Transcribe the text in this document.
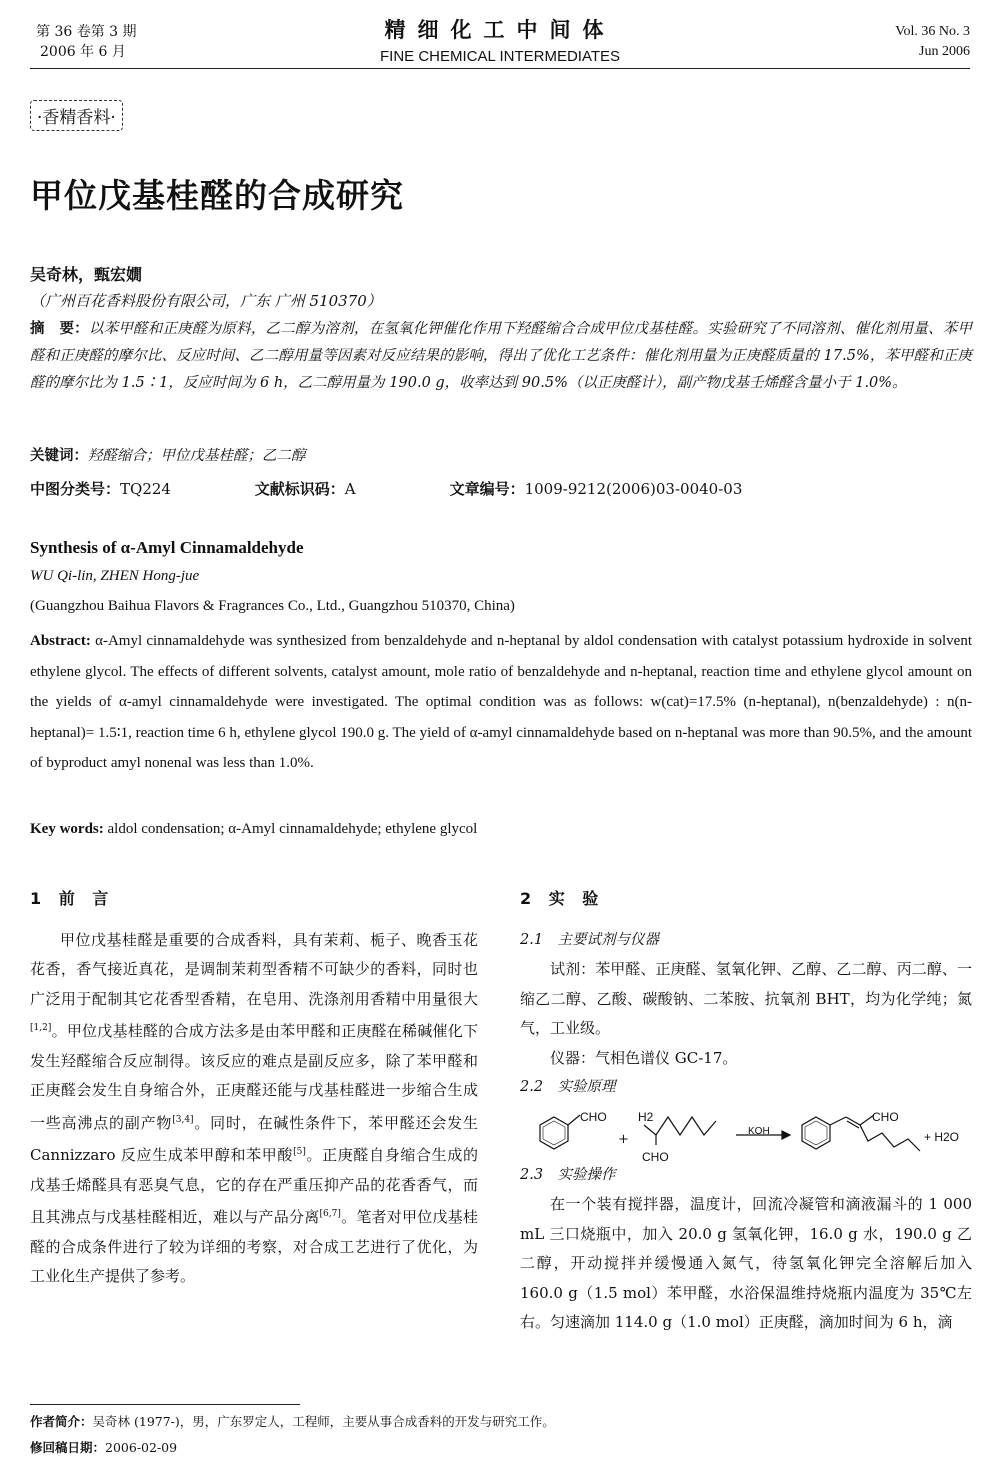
第 36 卷第 3 期
2006 年 6 月
精细化工中间体
FINE CHEMICAL INTERMEDIATES
Vol. 36 No. 3
Jun 2006
·香精香料·
甲位戊基桂醛的合成研究
吴奇林，甄宏嫺
（广州百花香料股份有限公司，广东 广州 510370）
摘　要：以苯甲醛和正庚醛为原料，乙二醇为溶剂，在氢氧化钾催化作用下羟醛缩合合成甲位戊基桂醛。实验研究了不同溶剂、催化剂用量、苯甲醛和正庚醛的摩尔比、反应时间、乙二醇用量等因素对反应结果的影响，得出了优化工艺条件：催化剂用量为正庚醛质量的 17.5%，苯甲醛和正庚醛的摩尔比为 1.5∶1，反应时间为 6 h，乙二醇用量为 190.0 g，收率达到 90.5%（以正庚醛计），副产物戊基壬烯醛含量小于 1.0%。
关键词：羟醛缩合；甲位戊基桂醛；乙二醇
中图分类号：TQ224	文献标识码：A	文章编号：1009-9212(2006)03-0040-03
Synthesis of α-Amyl Cinnamaldehyde
WU Qi-lin, ZHEN Hong-jue
(Guangzhou Baihua Flavors & Fragrances Co., Ltd., Guangzhou 510370, China)
Abstract: α-Amyl cinnamaldehyde was synthesized from benzaldehyde and n-heptanal by aldol condensation with catalyst potassium hydroxide in solvent ethylene glycol. The effects of different solvents, catalyst amount, mole ratio of benzaldehyde and n-heptanal, reaction time and ethylene glycol amount on the yields of α-amyl cinnamaldehyde were investigated. The optimal condition was as follows: w(cat)=17.5% (n-heptanal), n(benzaldehyde) : n(n-heptanal)= 1.5∶1, reaction time 6 h, ethylene glycol 190.0 g. The yield of α-amyl cinnamaldehyde based on n-heptanal was more than 90.5%, and the amount of byproduct amyl nonenal was less than 1.0%.
Key words: aldol condensation; α-Amyl cinnamaldehyde; ethylene glycol
1 前 言
甲位戊基桂醛是重要的合成香料，具有茉莉、栀子、晚香玉花花香，香气接近真花，是调制茉莉型香精不可缺少的香料，同时也广泛用于配制其它花香型香精，在皂用、洗涤剂用香精中用量很大[1,2]。甲位戊基桂醛的合成方法多是由苯甲醛和正庚醛在稀碱催化下发生羟醛缩合反应制得。该反应的难点是副反应多，除了苯甲醛和正庚醛会发生自身缩合外，正庚醛还能与戊基桂醛进一步缩合生成一些高沸点的副产物[3,4]。同时，在碱性条件下，苯甲醛还会发生 Cannizzaro 反应生成苯甲醇和苯甲酸[5]。正庚醛自身缩合生成的戊基壬烯醛具有恶臭气息，它的存在严重压抑产品的花香香气，而且其沸点与戊基桂醛相近，难以与产品分离[6,7]。笔者对甲位戊基桂醛的合成条件进行了较为详细的考察，对合成工艺进行了优化，为工业化生产提供了参考。
2 实 验
2.1　主要试剂与仪器
试剂：苯甲醛、正庚醛、氢氧化钾、乙醇、乙二醇、丙二醇、一缩乙二醇、乙酸、碳酸钠、二苯胺、抗氧剂 BHT，均为化学纯；氮气，工业级。
仪器：气相色谱仪 GC-17。
2.2　实验原理
CHO	H2
+
CHO
KOH
CHO
+ H2O
2.3　实验操作
在一个装有搅拌器，温度计，回流冷凝管和滴液漏斗的 1 000 mL 三口烧瓶中，加入 20.0 g 氢氧化钾，16.0 g 水，190.0 g 乙二醇，开动搅拌并缓慢通入氮气，待氢氧化钾完全溶解后加入 160.0 g（1.5 mol）苯甲醛，水浴保温维持烧瓶内温度为 35℃左右。匀速滴加 114.0 g（1.0 mol）正庚醛，滴加时间为 6 h，滴
作者简介：吴奇林 (1977-)，男，广东罗定人，工程师，主要从事合成香料的开发与研究工作。
修回稿日期：2006-02-09
